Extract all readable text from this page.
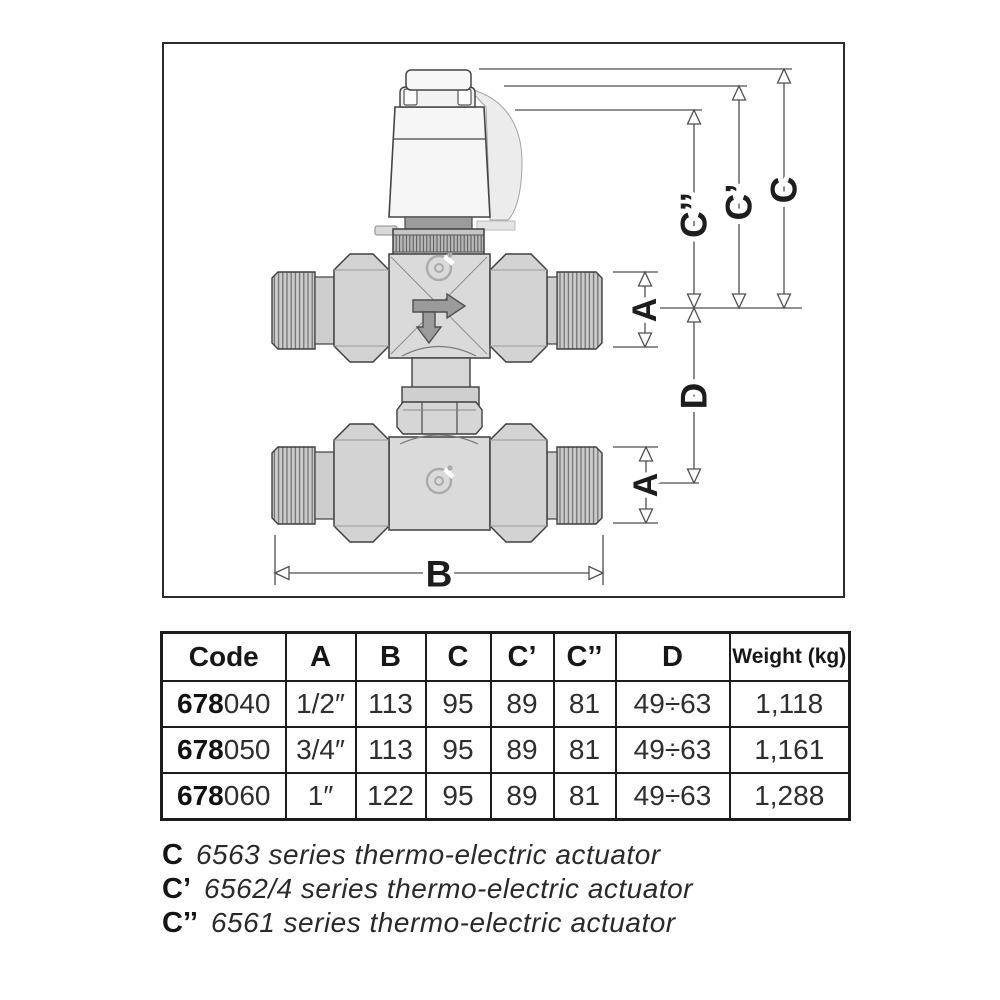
C’’ C’ C
A
D
A
B
Code	A	B	C	C’	C’’	D	Weight (kg)
678040	1/2″	113	95	89	81	49÷63	1,118
678050	3/4″	113	95	89	81	49÷63	1,161
678060	1″	122	95	89	81	49÷63	1,288
C 6563 series thermo-electric actuator
C’ 6562/4 series thermo-electric actuator
C’’ 6561 series thermo-electric actuator
